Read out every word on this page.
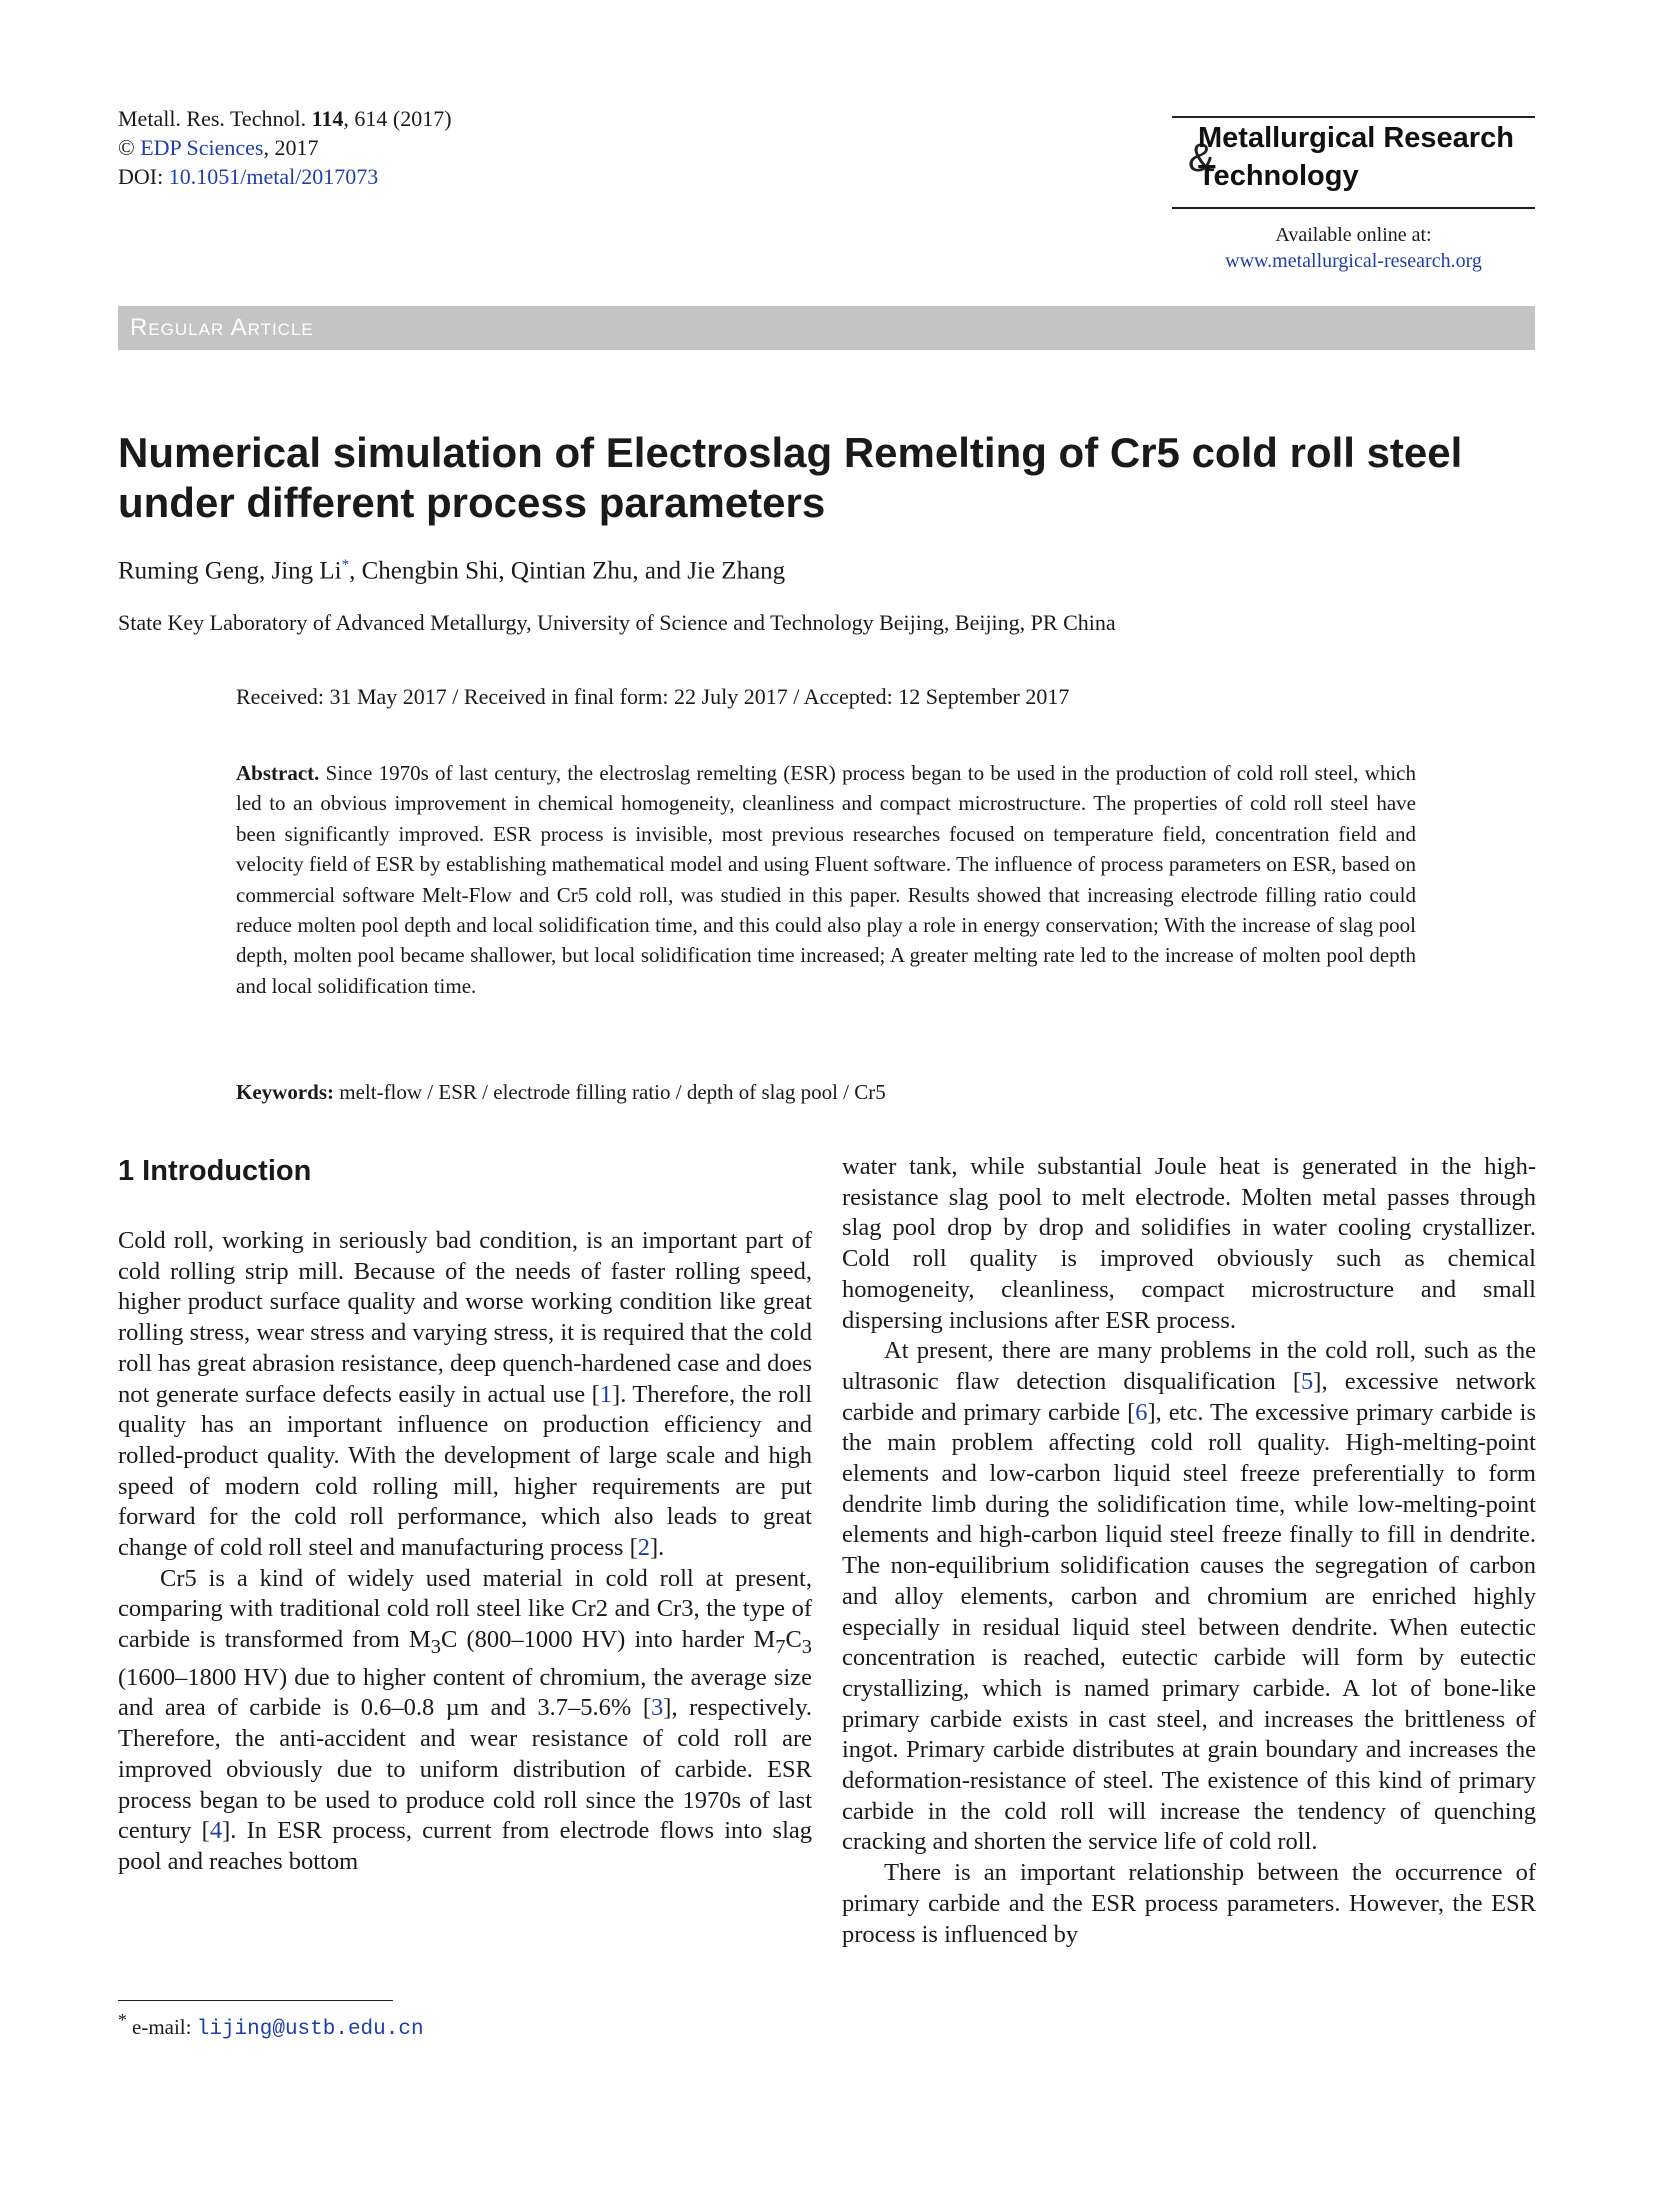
Metall. Res. Technol. 114, 614 (2017)
© EDP Sciences, 2017
DOI: 10.1051/metal/2017073	&
Metallurgical Research
Technology
Available online at:
www.metallurgical-research.org
Regular Article
Numerical simulation of Electroslag Remelting of Cr5 cold roll steel under different process parameters
Ruming Geng, Jing Li*, Chengbin Shi, Qintian Zhu, and Jie Zhang
State Key Laboratory of Advanced Metallurgy, University of Science and Technology Beijing, Beijing, PR China
Received: 31 May 2017 / Received in final form: 22 July 2017 / Accepted: 12 September 2017
Abstract. Since 1970s of last century, the electroslag remelting (ESR) process began to be used in the production of cold roll steel, which led to an obvious improvement in chemical homogeneity, cleanliness and compact microstructure. The properties of cold roll steel have been significantly improved. ESR process is invisible, most previous researches focused on temperature field, concentration field and velocity field of ESR by establishing mathematical model and using Fluent software. The influence of process parameters on ESR, based on commercial software Melt-Flow and Cr5 cold roll, was studied in this paper. Results showed that increasing electrode filling ratio could reduce molten pool depth and local solidification time, and this could also play a role in energy conservation; With the increase of slag pool depth, molten pool became shallower, but local solidification time increased; A greater melting rate led to the increase of molten pool depth and local solidification time.
Keywords: melt-flow / ESR / electrode filling ratio / depth of slag pool / Cr5
1 Introduction

Cold roll, working in seriously bad condition, is an important part of cold rolling strip mill. Because of the needs of faster rolling speed, higher product surface quality and worse working condition like great rolling stress, wear stress and varying stress, it is required that the cold roll has great abrasion resistance, deep quench-hardened case and does not generate surface defects easily in actual use [1]. Therefore, the roll quality has an important influence on production efficiency and rolled-product quality. With the development of large scale and high speed of modern cold rolling mill, higher requirements are put forward for the cold roll performance, which also leads to great change of cold roll steel and manufacturing process [2].

Cr5 is a kind of widely used material in cold roll at present, comparing with traditional cold roll steel like Cr2 and Cr3, the type of carbide is transformed from $M_3C$ (800–1000 HV) into harder $M_7C_3$ (1600–1800 HV) due to higher content of chromium, the average size and area of carbide is 0.6–0.8 µm and 3.7–5.6% [3], respectively. Therefore, the anti-accident and wear resistance of cold roll are improved obviously due to uniform distribution of carbide. ESR process began to be used to produce cold roll since the 1970s of last century [4]. In ESR process, current from electrode flows into slag pool and reaches bottom

water tank, while substantial Joule heat is generated in the high-resistance slag pool to melt electrode. Molten metal passes through slag pool drop by drop and solidifies in water cooling crystallizer. Cold roll quality is improved obviously such as chemical homogeneity, cleanliness, compact microstructure and small dispersing inclusions after ESR process.

At present, there are many problems in the cold roll, such as the ultrasonic flaw detection disqualification [5], excessive network carbide and primary carbide [6], etc. The excessive primary carbide is the main problem affecting cold roll quality. High-melting-point elements and low-carbon liquid steel freeze preferentially to form dendrite limb during the solidification time, while low-melting-point elements and high-carbon liquid steel freeze finally to fill in dendrite. The non-equilibrium solidification causes the segregation of carbon and alloy elements, carbon and chromium are enriched highly especially in residual liquid steel between dendrite. When eutectic concentration is reached, eutectic carbide will form by eutectic crystallizing, which is named primary carbide. A lot of bone-like primary carbide exists in cast steel, and increases the brittleness of ingot. Primary carbide distributes at grain boundary and increases the deformation-resistance of steel. The existence of this kind of primary carbide in the cold roll will increase the tendency of quenching cracking and shorten the service life of cold roll.

There is an important relationship between the occurrence of primary carbide and the ESR process parameters. However, the ESR process is influenced by

* e-mail: lijing@ustb.edu.cn
